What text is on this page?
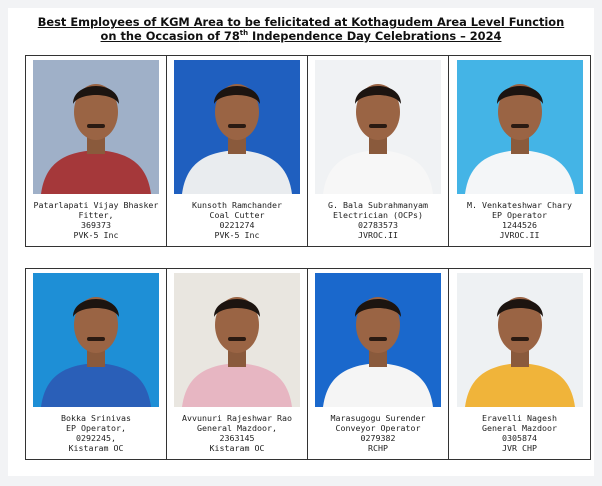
Best Employees of KGM Area to be felicitated at Kothagudem Area Level Function
on the Occasion of 78th Independence Day Celebrations – 2024
Patarlapati Vijay Bhasker
Fitter,
369373
PVK-5 Inc
Kunsoth Ramchander
Coal Cutter
0221274
PVK-5 Inc
G. Bala Subrahmanyam
Electrician (OCPs)
02783573
JVROC.II
M. Venkateshwar Chary
EP Operator
1244526
JVROC.II
Bokka Srinivas
EP Operator,
0292245,
Kistaram OC
Avvunuri Rajeshwar Rao
General Mazdoor,
2363145
Kistaram OC
Marasugogu Surender
Conveyor Operator
0279382
RCHP
Eravelli Nagesh
General Mazdoor
0305874
JVR CHP
